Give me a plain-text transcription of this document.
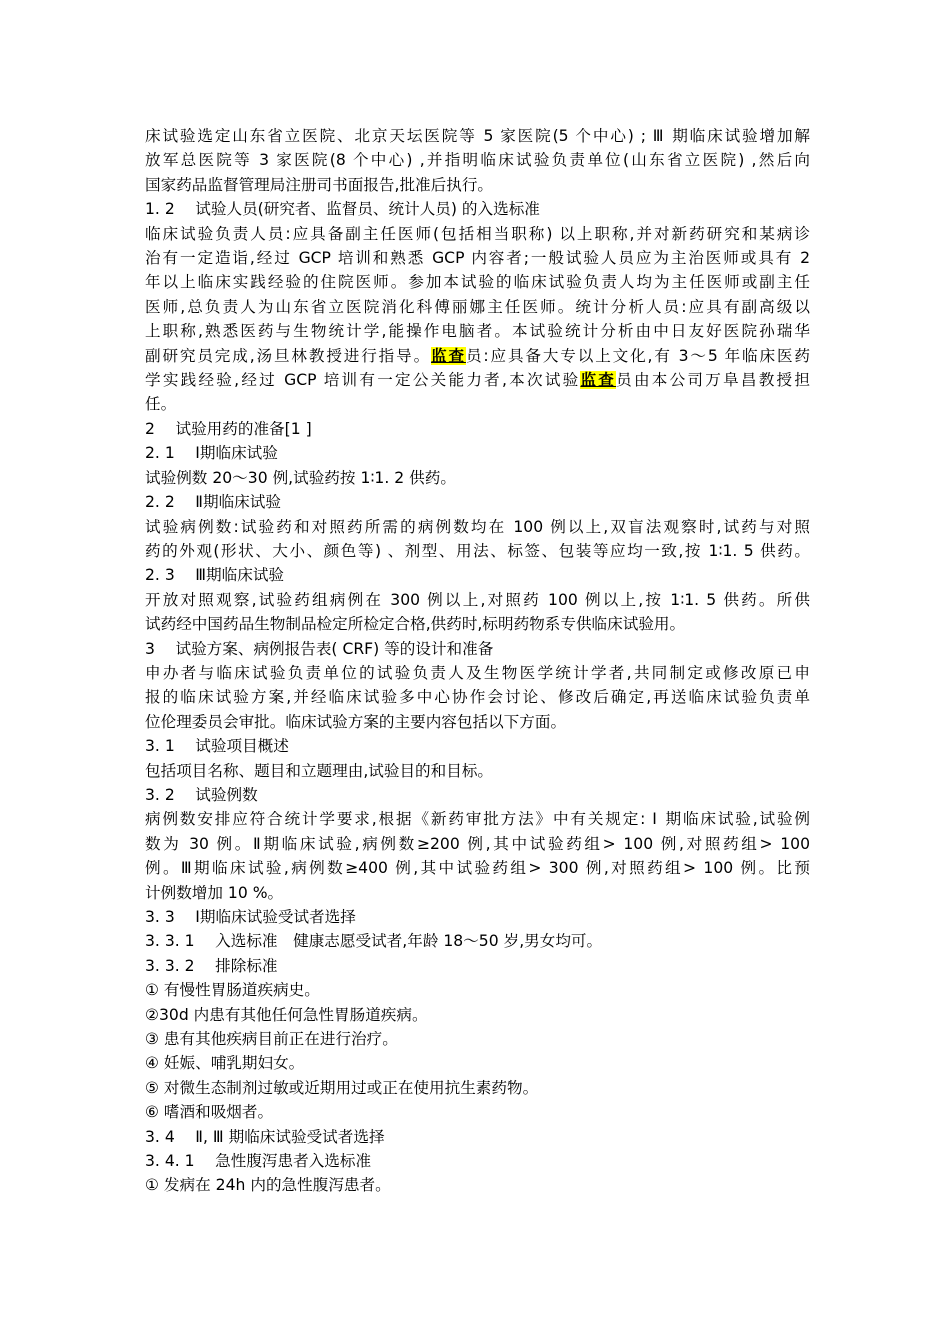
床试验选定山东省立医院、北京天坛医院等 5 家医院(5 个中心) ; Ⅲ 期临床试验增加解
放军总医院等 3 家医院(8 个中心) ,并指明临床试验负责单位(山东省立医院) ,然后向
国家药品监督管理局注册司书面报告,批准后执行。
1. 2　 试验人员(研究者、监督员、统计人员) 的入选标准
临床试验负责人员:应具备副主任医师(包括相当职称) 以上职称,并对新药研究和某病诊
治有一定造诣,经过 GCP 培训和熟悉 GCP 内容者;一般试验人员应为主治医师或具有 2
年以上临床实践经验的住院医师。参加本试验的临床试验负责人均为主任医师或副主任
医师,总负责人为山东省立医院消化科傅丽娜主任医师。统计分析人员:应具有副高级以
上职称,熟悉医药与生物统计学,能操作电脑者。本试验统计分析由中日友好医院孙瑞华
副研究员完成,汤旦林教授进行指导。监查员:应具备大专以上文化,有 3～5 年临床医药
学实践经验,经过 GCP 培训有一定公关能力者,本次试验监查员由本公司万阜昌教授担
任。
2　 试验用药的准备[1 ]
2. 1　 Ⅰ期临床试验
试验例数 20～30 例,试验药按 1∶1. 2 供药。
2. 2　 Ⅱ期临床试验
试验病例数:试验药和对照药所需的病例数均在 100 例以上,双盲法观察时,试药与对照
药的外观(形状、大小、颜色等) 、剂型、用法、标签、包装等应均一致,按 1∶1. 5 供药。
2. 3　 Ⅲ期临床试验
开放对照观察,试验药组病例在 300 例以上,对照药 100 例以上,按 1∶1. 5 供药。所供
试药经中国药品生物制品检定所检定合格,供药时,标明药物系专供临床试验用。
3　 试验方案、病例报告表( CRF) 等的设计和准备
申办者与临床试验负责单位的试验负责人及生物医学统计学者,共同制定或修改原已申
报的临床试验方案,并经临床试验多中心协作会讨论、修改后确定,再送临床试验负责单
位伦理委员会审批。临床试验方案的主要内容包括以下方面。
3. 1　 试验项目概述
包括项目名称、题目和立题理由,试验目的和目标。
3. 2　 试验例数
病例数安排应符合统计学要求,根据《新药审批方法》中有关规定: Ⅰ 期临床试验,试验例
数为 30 例。Ⅱ期临床试验,病例数≥200 例,其中试验药组> 100 例,对照药组> 100
例。Ⅲ期临床试验,病例数≥400 例,其中试验药组> 300 例,对照药组> 100 例。比预
计例数增加 10 %。
3. 3　 Ⅰ期临床试验受试者选择
3. 3. 1　 入选标准　健康志愿受试者,年龄 18～50 岁,男女均可。
3. 3. 2　 排除标准
① 有慢性胃肠道疾病史。
②30d 内患有其他任何急性胃肠道疾病。
③ 患有其他疾病目前正在进行治疗。
④ 妊娠、哺乳期妇女。
⑤ 对微生态制剂过敏或近期用过或正在使用抗生素药物。
⑥ 嗜酒和吸烟者。
3. 4　 Ⅱ, Ⅲ 期临床试验受试者选择
3. 4. 1　 急性腹泻患者入选标准
① 发病在 24h 内的急性腹泻患者。
